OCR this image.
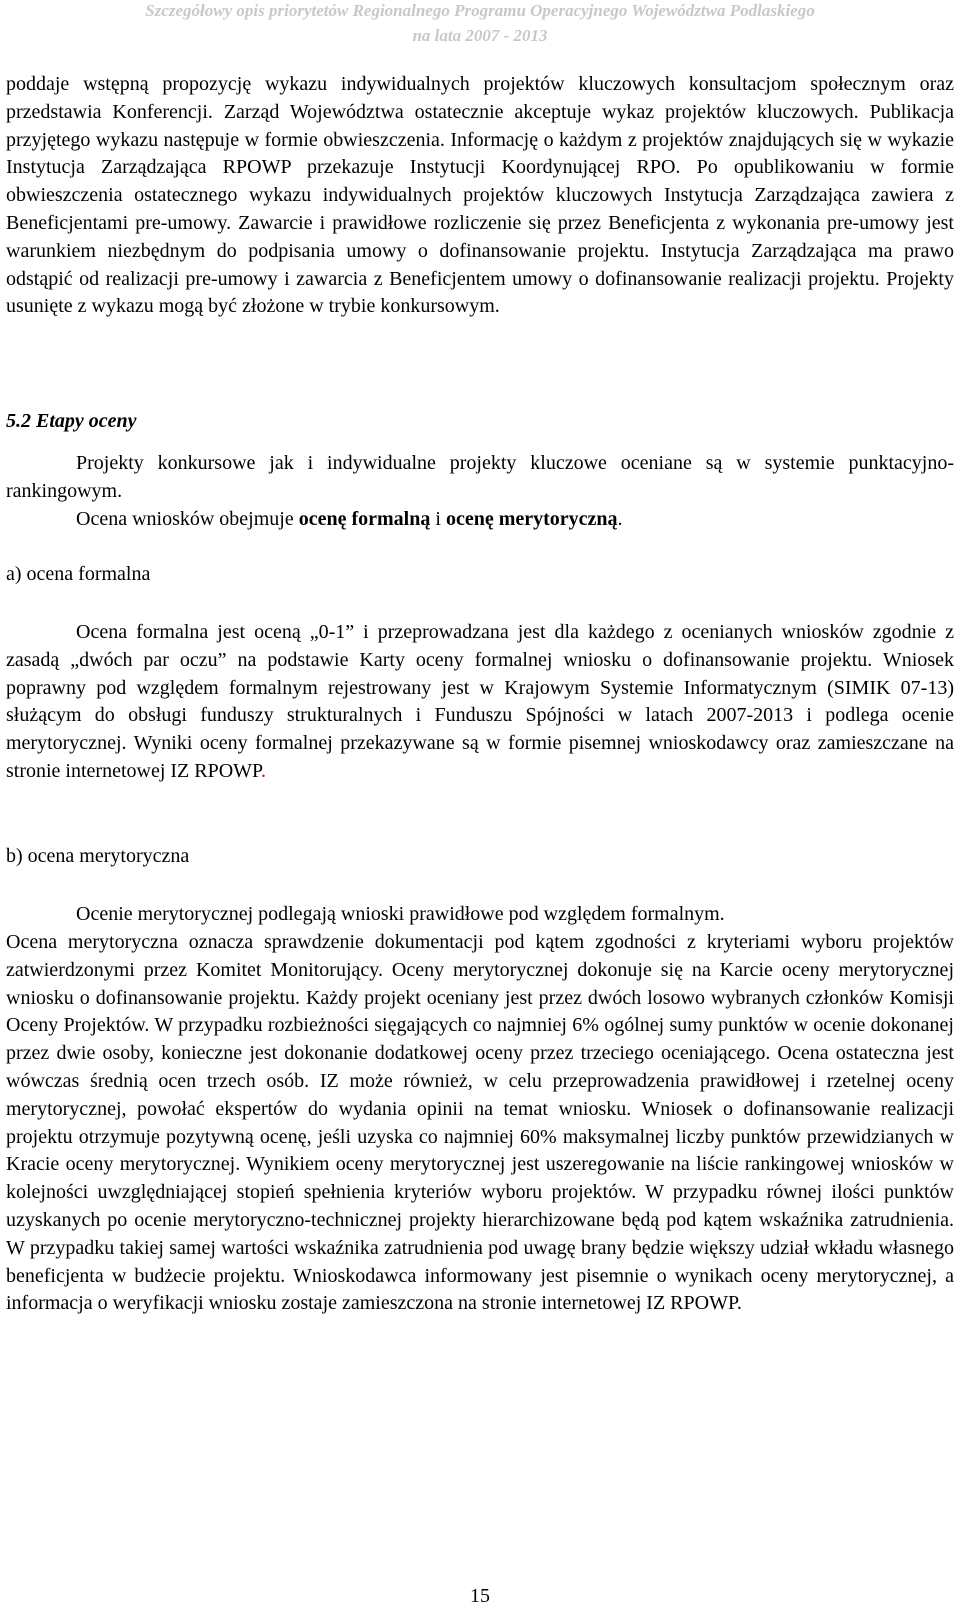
Szczegółowy opis priorytetów Regionalnego Programu Operacyjnego Województwa Podlaskiego
na lata 2007 - 2013
poddaje wstępną propozycję wykazu indywidualnych projektów kluczowych konsultacjom społecznym oraz przedstawia Konferencji. Zarząd Województwa ostatecznie akceptuje wykaz projektów kluczowych. Publikacja przyjętego wykazu następuje w formie obwieszczenia. Informację o każdym z projektów znajdujących się w wykazie Instytucja Zarządzająca RPOWP przekazuje Instytucji Koordynującej RPO. Po opublikowaniu w formie obwieszczenia ostatecznego wykazu indywidualnych projektów kluczowych Instytucja Zarządzająca zawiera z Beneficjentami pre-umowy. Zawarcie i prawidłowe rozliczenie się przez Beneficjenta z wykonania pre-umowy jest warunkiem niezbędnym do podpisania umowy o dofinansowanie projektu. Instytucja Zarządzająca ma prawo odstąpić od realizacji pre-umowy i zawarcia z Beneficjentem umowy o dofinansowanie realizacji projektu. Projekty usunięte z wykazu mogą być złożone w trybie konkursowym.
5.2 Etapy oceny
Projekty konkursowe jak i indywidualne projekty kluczowe oceniane są w systemie punktacyjno-rankingowym.
Ocena wniosków obejmuje ocenę formalną i ocenę merytoryczną.
a) ocena formalna
Ocena formalna jest oceną „0-1” i przeprowadzana jest dla każdego z ocenianych wniosków zgodnie z zasadą „dwóch par oczu” na podstawie Karty oceny formalnej wniosku o dofinansowanie projektu. Wniosek poprawny pod względem formalnym rejestrowany jest w Krajowym Systemie Informatycznym (SIMIK 07-13) służącym do obsługi funduszy strukturalnych i Funduszu Spójności w latach 2007-2013 i podlega ocenie merytorycznej. Wyniki oceny formalnej przekazywane są w formie pisemnej wnioskodawcy oraz zamieszczane na stronie internetowej IZ RPOWP.
b) ocena merytoryczna
Ocenie merytorycznej podlegają wnioski prawidłowe pod względem formalnym.
Ocena merytoryczna oznacza sprawdzenie dokumentacji pod kątem zgodności z kryteriami wyboru projektów zatwierdzonymi przez Komitet Monitorujący. Oceny merytorycznej dokonuje się na Karcie oceny merytorycznej wniosku o dofinansowanie projektu. Każdy projekt oceniany jest przez dwóch losowo wybranych członków Komisji Oceny Projektów. W przypadku rozbieżności sięgających co najmniej 6% ogólnej sumy punktów w ocenie dokonanej przez dwie osoby, konieczne jest dokonanie dodatkowej oceny przez trzeciego oceniającego. Ocena ostateczna jest wówczas średnią ocen trzech osób. IZ może również, w celu przeprowadzenia prawidłowej i rzetelnej oceny merytorycznej, powołać ekspertów do wydania opinii na temat wniosku. Wniosek o dofinansowanie realizacji projektu otrzymuje pozytywną ocenę, jeśli uzyska co najmniej 60% maksymalnej liczby punktów przewidzianych w Kracie oceny merytorycznej. Wynikiem oceny merytorycznej jest uszeregowanie na liście rankingowej wniosków w kolejności uwzględniającej stopień spełnienia kryteriów wyboru projektów. W przypadku równej ilości punktów uzyskanych po ocenie merytoryczno-technicznej projekty hierarchizowane będą pod kątem wskaźnika zatrudnienia. W przypadku takiej samej wartości wskaźnika zatrudnienia pod uwagę brany będzie większy udział wkładu własnego beneficjenta w budżecie projektu. Wnioskodawca informowany jest pisemnie o wynikach oceny merytorycznej, a informacja o weryfikacji wniosku zostaje zamieszczona na stronie internetowej IZ RPOWP.
15
